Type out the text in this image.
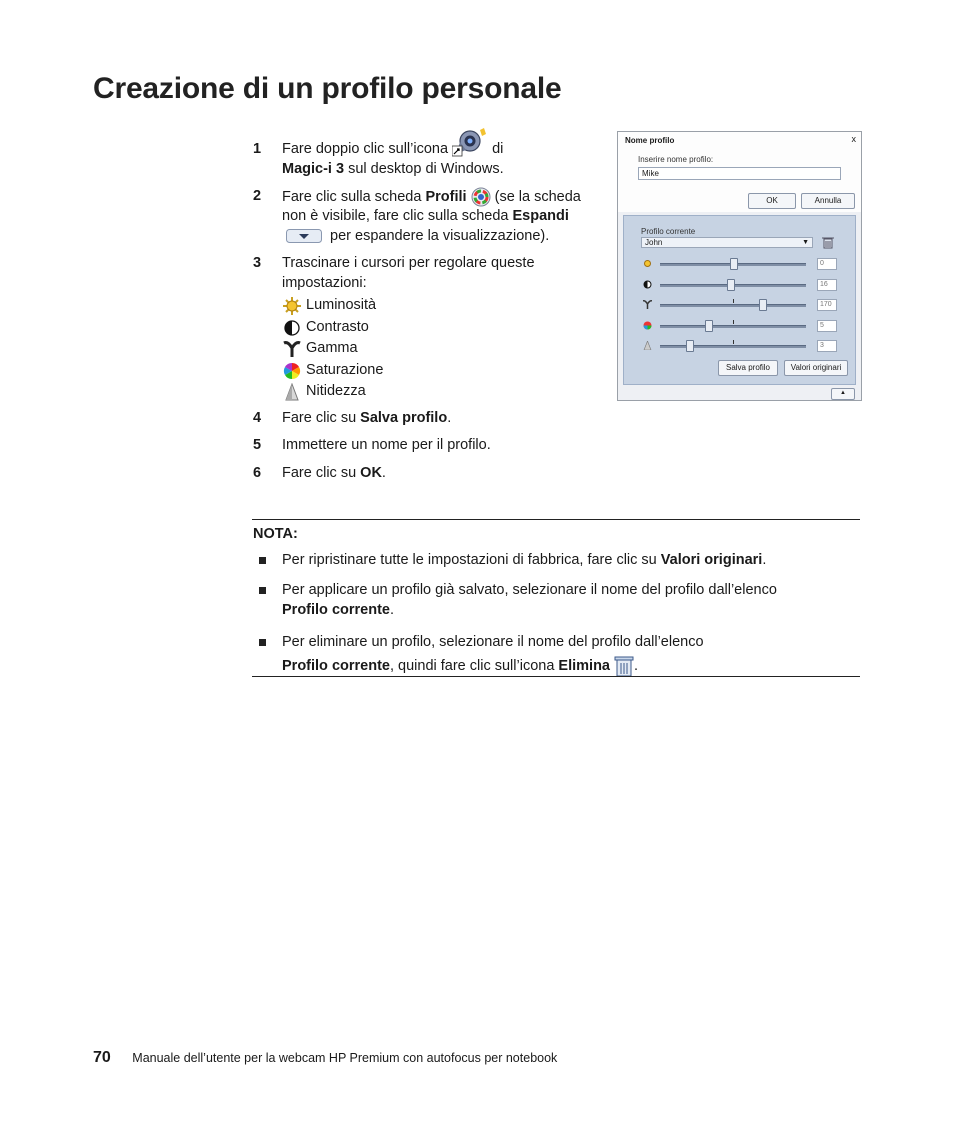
Creazione di un profilo personale
1 Fare doppio clic sull’icona	di
Magic-i 3 sul desktop di Windows.
2 Fare clic sulla scheda Profili (se la scheda non è visibile, fare clic sulla scheda Espandi  per espandere la visualizzazione).
3 Trascinare i cursori per regolare queste impostazioni:
Luminosità
Contrasto
Gamma
Saturazione
Nitidezza
4 Fare clic su Salva profilo.
5 Immettere un nome per il profilo.
6 Fare clic su OK.
Nome profilo	x
Inserire nome profilo:
Mike
OK	Annulla
Profilo corrente
John	▼
Salva profilo	Valori originari
▲
0
16
170
5
3
NOTA:
Per ripristinare tutte le impostazioni di fabbrica, fare clic su Valori originari.
Per applicare un profilo già salvato, selezionare il nome del profilo dall’elenco
Profilo corrente.
Per eliminare un profilo, selezionare il nome del profilo dall’elenco
Profilo corrente, quindi fare clic sull’icona Elimina .
70 Manuale dell’utente per la webcam HP Premium con autofocus per notebook
